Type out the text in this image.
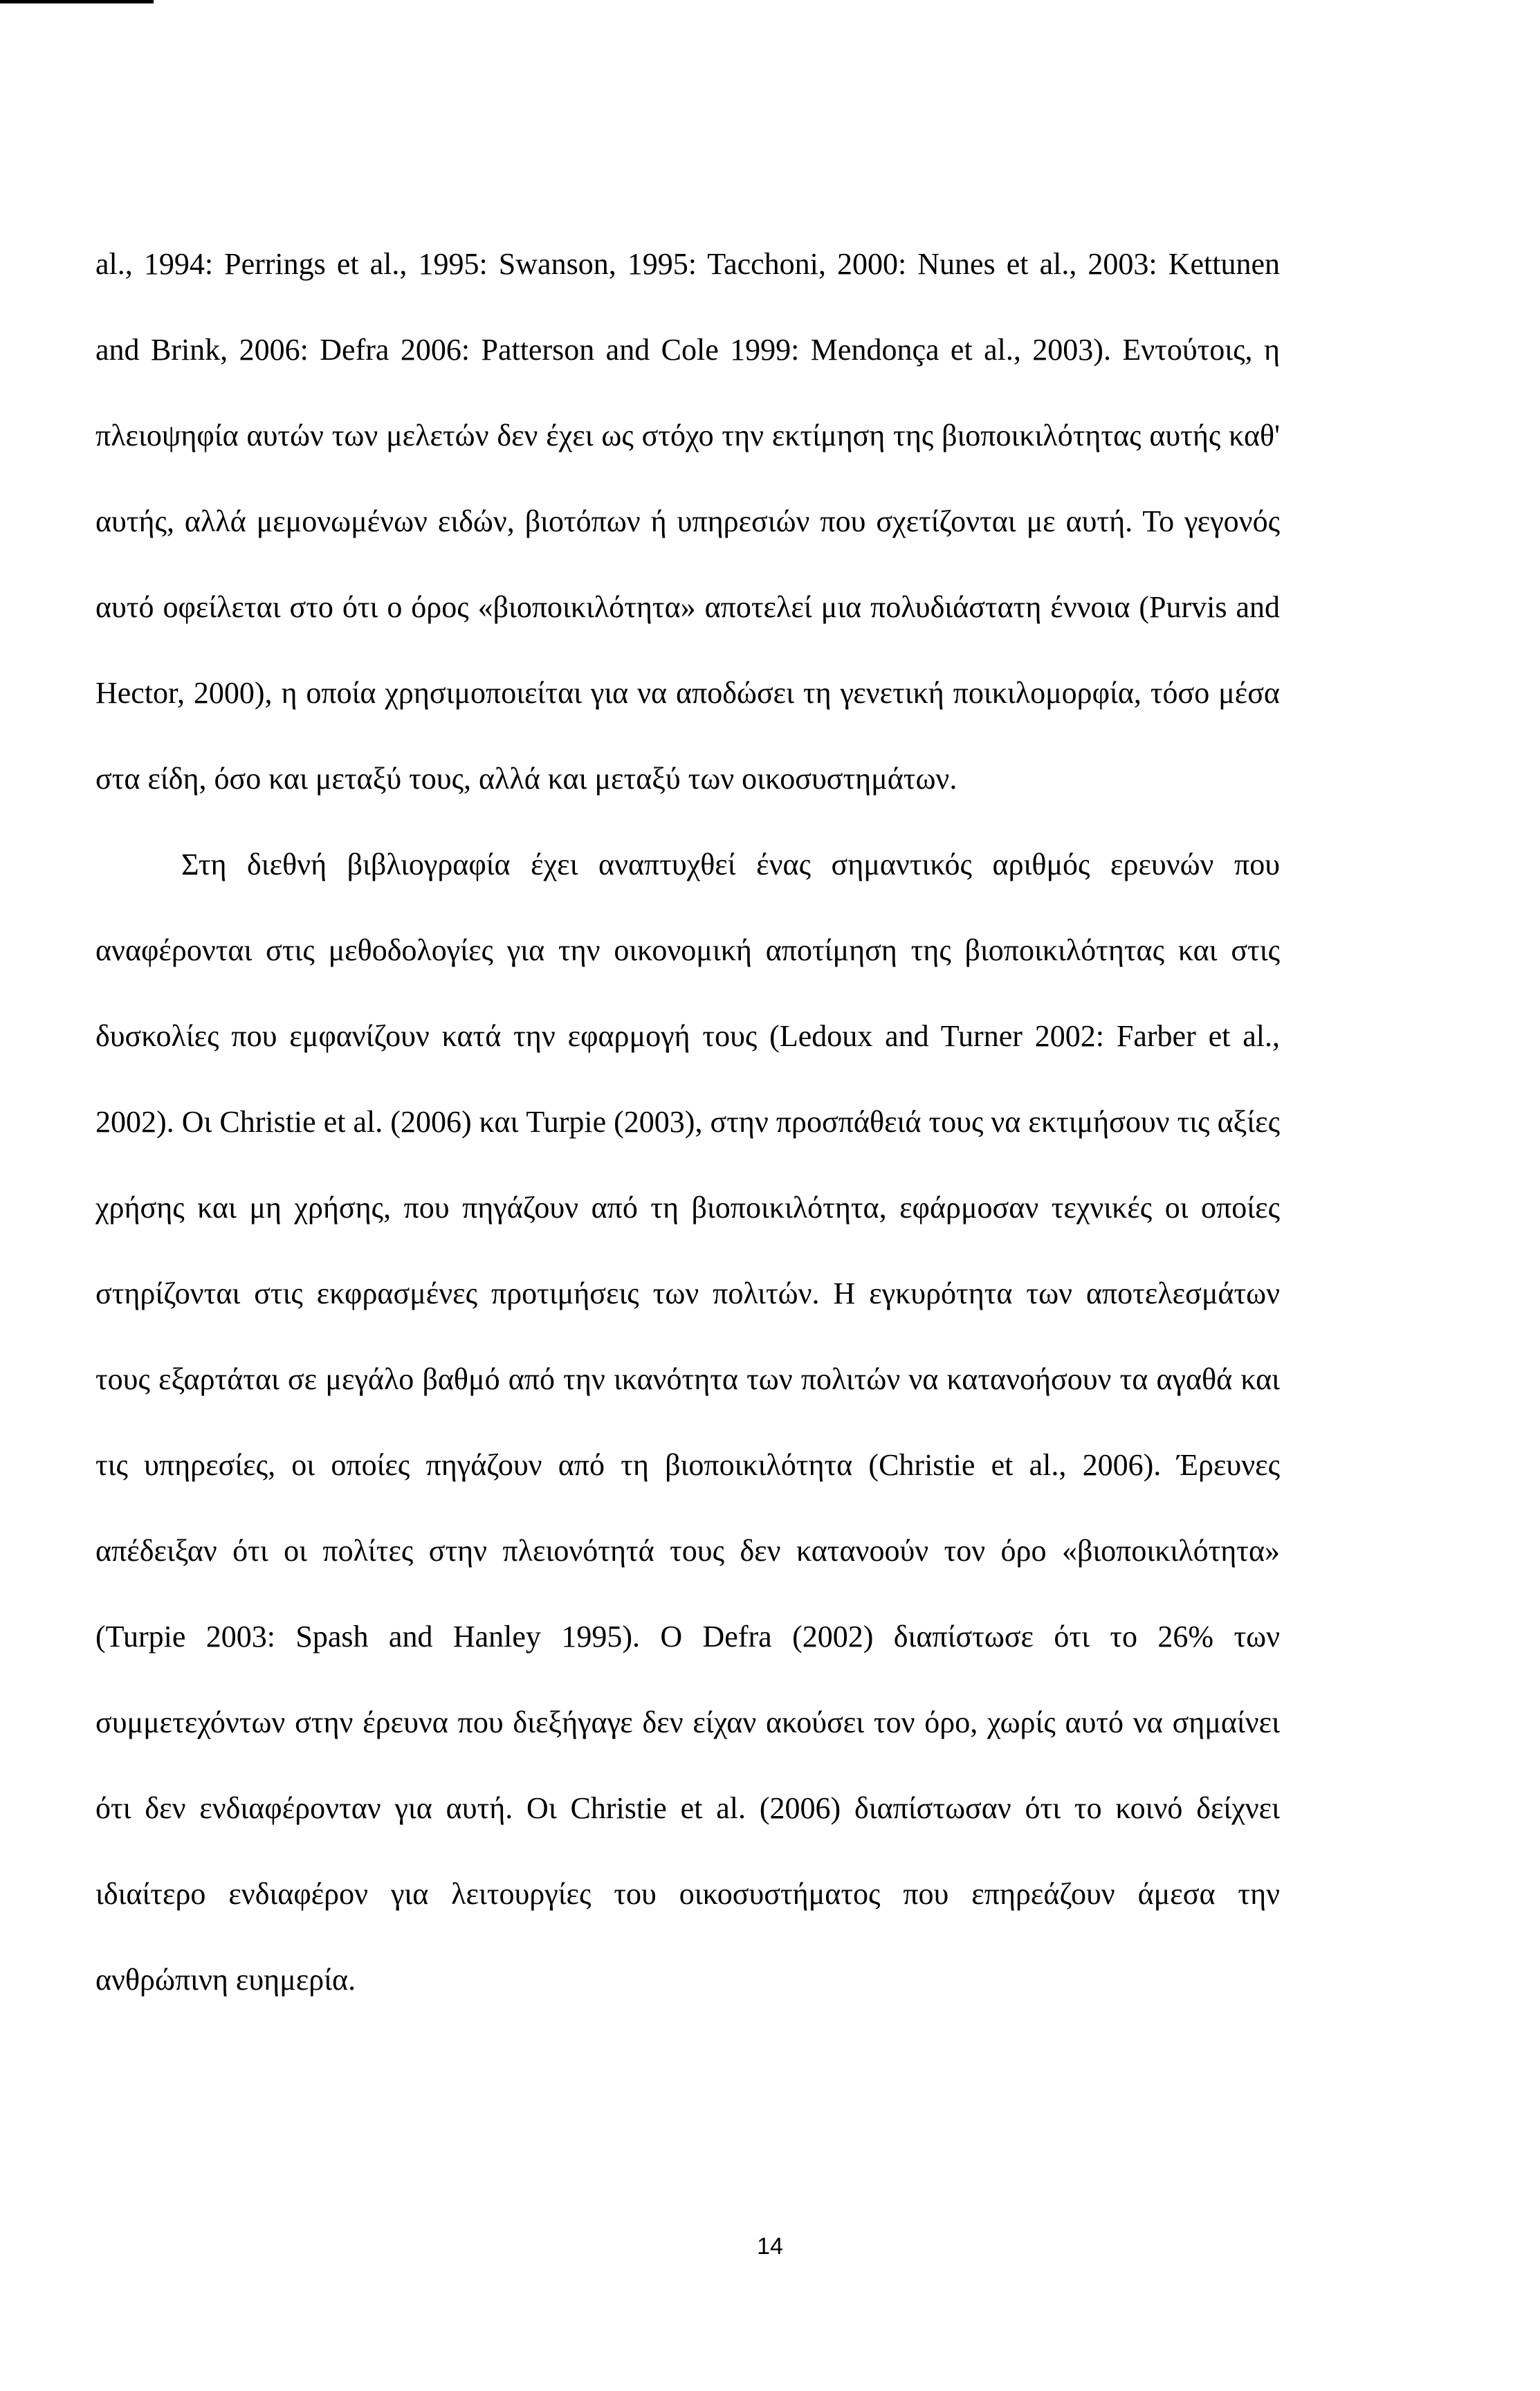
al., 1994: Perrings et al., 1995: Swanson, 1995: Tacchoni, 2000: Nunes et al., 2003: Kettunen and Brink, 2006: Defra 2006: Patterson and Cole 1999: Mendonça et al., 2003). Εντούτοις, η πλειοψηφία αυτών των μελετών δεν έχει ως στόχο την εκτίμηση της βιοποικιλότητας αυτής καθ' αυτής, αλλά μεμονωμένων ειδών, βιοτόπων ή υπηρεσιών που σχετίζονται με αυτή. Το γεγονός αυτό οφείλεται στο ότι ο όρος «βιοποικιλότητα» αποτελεί μια πολυδιάστατη έννοια (Purvis and Hector, 2000), η οποία χρησιμοποιείται για να αποδώσει τη γενετική ποικιλομορφία, τόσο μέσα στα είδη, όσο και μεταξύ τους, αλλά και μεταξύ των οικοσυστημάτων.

Στη διεθνή βιβλιογραφία έχει αναπτυχθεί ένας σημαντικός αριθμός ερευνών που αναφέρονται στις μεθοδολογίες για την οικονομική αποτίμηση της βιοποικιλότητας και στις δυσκολίες που εμφανίζουν κατά την εφαρμογή τους (Ledoux and Turner 2002: Farber et al., 2002). Οι Christie et al. (2006) και Turpie (2003), στην προσπάθειά τους να εκτιμήσουν τις αξίες χρήσης και μη χρήσης, που πηγάζουν από τη βιοποικιλότητα, εφάρμοσαν τεχνικές οι οποίες στηρίζονται στις εκφρασμένες προτιμήσεις των πολιτών. Η εγκυρότητα των αποτελεσμάτων τους εξαρτάται σε μεγάλο βαθμό από την ικανότητα των πολιτών να κατανοήσουν τα αγαθά και τις υπηρεσίες, οι οποίες πηγάζουν από τη βιοποικιλότητα (Christie et al., 2006). Έρευνες απέδειξαν ότι οι πολίτες στην πλειονότητά τους δεν κατανοούν τον όρο «βιοποικιλότητα» (Turpie 2003: Spash and Hanley 1995). Ο Defra (2002) διαπίστωσε ότι το 26% των συμμετεχόντων στην έρευνα που διεξήγαγε δεν είχαν ακούσει τον όρο, χωρίς αυτό να σημαίνει ότι δεν ενδιαφέρονταν για αυτή. Οι Christie et al. (2006) διαπίστωσαν ότι το κοινό δείχνει ιδιαίτερο ενδιαφέρον για λειτουργίες του οικοσυστήματος που επηρεάζουν άμεσα την ανθρώπινη ευημερία.

14
